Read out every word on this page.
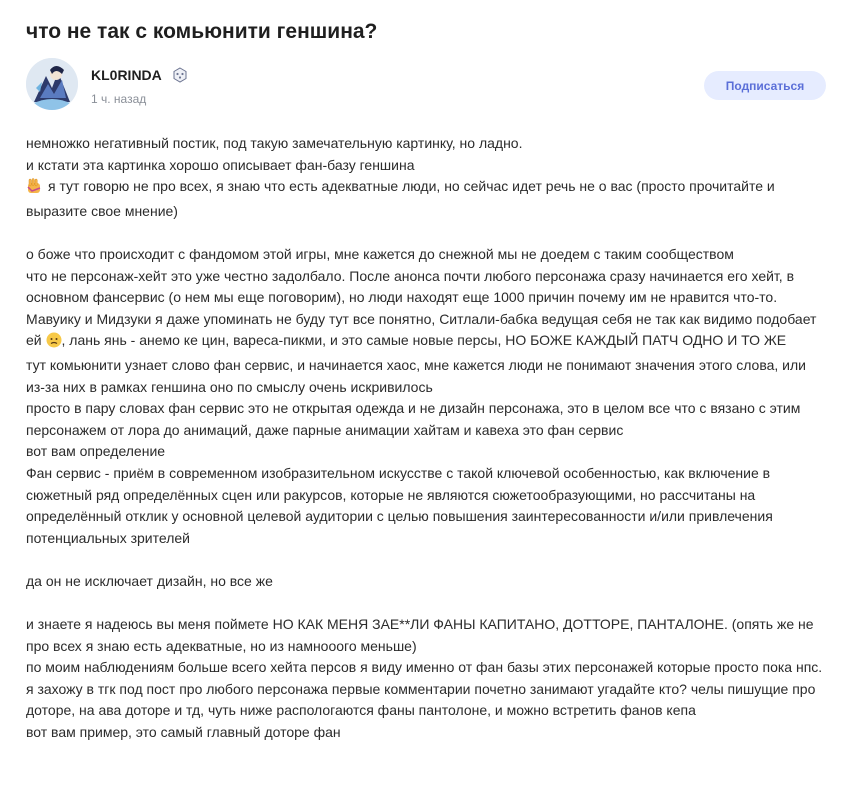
что не так с комьюнити геншина?
KL0RINDA
1 ч. назад
Подписаться

немножко негативный постик, под такую замечательную картинку, но ладно.

и кстати эта картинка хорошо описывает фан-базу геншина

я тут говорю не про всех, я знаю что есть адекватные люди, но сейчас идет речь не о вас (просто прочитайте и выразите свое мнение)

о боже что происходит с фандомом этой игры, мне кажется до снежной мы не доедем с таким сообществом

что не персонаж-хейт это уже честно задолбало. После анонса почти любого персонажа сразу начинается его хейт, в основном фансервис (о нем мы еще поговорим), но люди находят еще 1000 причин почему им не нравится что-то.

Мавуику и Мидзуки я даже упоминать не буду тут все понятно, Ситлали-бабка ведущая себя не так как видимо подобает ей , лань янь - анемо ке цин, вареса-пикми, и это самые новые персы, НО БОЖЕ КАЖДЫЙ ПАТЧ ОДНО И ТО ЖЕ

тут комьюнити узнает слово фан сервис, и начинается хаос, мне кажется люди не понимают значения этого слова, или из-за них в рамках геншина оно по смыслу очень искривилось

просто в пару словах фан сервис это не открытая одежда и не дизайн персонажа, это в целом все что с вязано с этим персонажем от лора до анимаций, даже парные анимации хайтам и кавеха это фан сервис

вот вам определение

Фан сервис - приём в современном изобразительном искусстве с такой ключевой особенностью, как включение в сюжетный ряд определённых сцен или ракурсов, которые не являются сюжетообразующими, но рассчитаны на определённый отклик у основной целевой аудитории с целью повышения заинтересованности и/или привлечения потенциальных зрителей

да он не исключает дизайн, но все же

и знаете я надеюсь вы меня поймете НО КАК МЕНЯ ЗАЕ**ЛИ ФАНЫ КАПИТАНО, ДОТТОРЕ, ПАНТАЛОНЕ. (опять же не про всех я знаю есть адекватные, но из намнооого меньше)

по моим наблюдениям больше всего хейта персов я виду именно от фан базы этих персонажей которые просто пока нпс.

я захожу в тгк под пост про любого персонажа первые комментарии почетно занимают угадайте кто? челы пишущие про доторе, на ава доторе и тд, чуть ниже распологаются фаны пантолоне, и можно встретить фанов кепа

вот вам пример, это самый главный доторе фан
